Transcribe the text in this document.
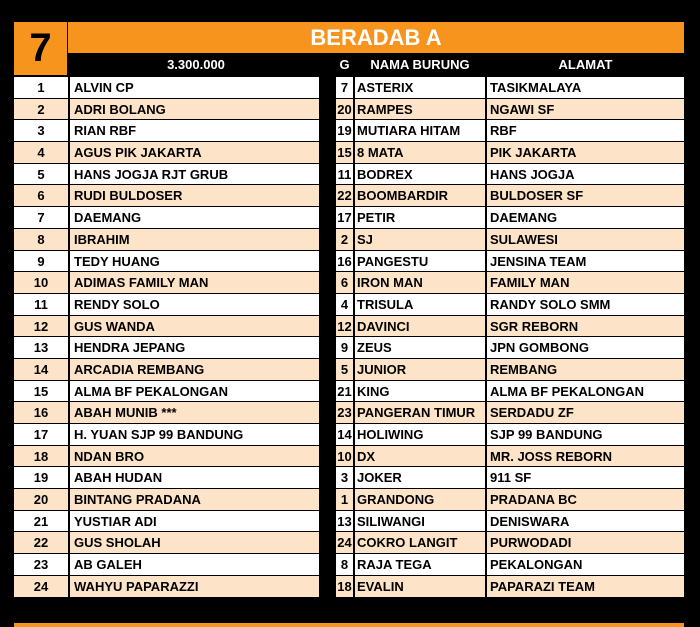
7	BERADAB A
3.300.000	G	NAMA BURUNG	ALAMAT
1	ALVIN CP	7 ASTERIX	TASIKMALAYA
2	ADRI BOLANG	20 RAMPES	NGAWI SF
3	RIAN RBF	19 MUTIARA HITAM	RBF
4	AGUS PIK JAKARTA	15 8 MATA	PIK JAKARTA
5	HANS JOGJA RJT GRUB	11 BODREX	HANS JOGJA
6	RUDI BULDOSER	22 BOOMBARDIR	BULDOSER SF
7	DAEMANG	17 PETIR	DAEMANG
8	IBRAHIM	2 SJ	SULAWESI
9	TEDY HUANG	16 PANGESTU	JENSINA TEAM
10	ADIMAS FAMILY MAN	6 IRON MAN	FAMILY MAN
11	RENDY SOLO	4 TRISULA	RANDY SOLO SMM
12	GUS WANDA	12 DAVINCI	SGR REBORN
13	HENDRA JEPANG	9 ZEUS	JPN GOMBONG
14	ARCADIA REMBANG	5 JUNIOR	REMBANG
15	ALMA BF PEKALONGAN	21 KING	ALMA BF PEKALONGAN
16	ABAH MUNIB ***	23 PANGERAN TIMUR	SERDADU ZF
17	H. YUAN SJP 99 BANDUNG	14 HOLIWING	SJP 99 BANDUNG
18	NDAN BRO	10 DX	MR. JOSS REBORN
19	ABAH HUDAN	3 JOKER	911 SF
20	BINTANG PRADANA	1 GRANDONG	PRADANA BC
21	YUSTIAR ADI	13 SILIWANGI	DENISWARA
22	GUS SHOLAH	24 COKRO LANGIT	PURWODADI
23	AB GALEH	8 RAJA TEGA	PEKALONGAN
24	WAHYU PAPARAZZI	18 EVALIN	PAPARAZI TEAM
